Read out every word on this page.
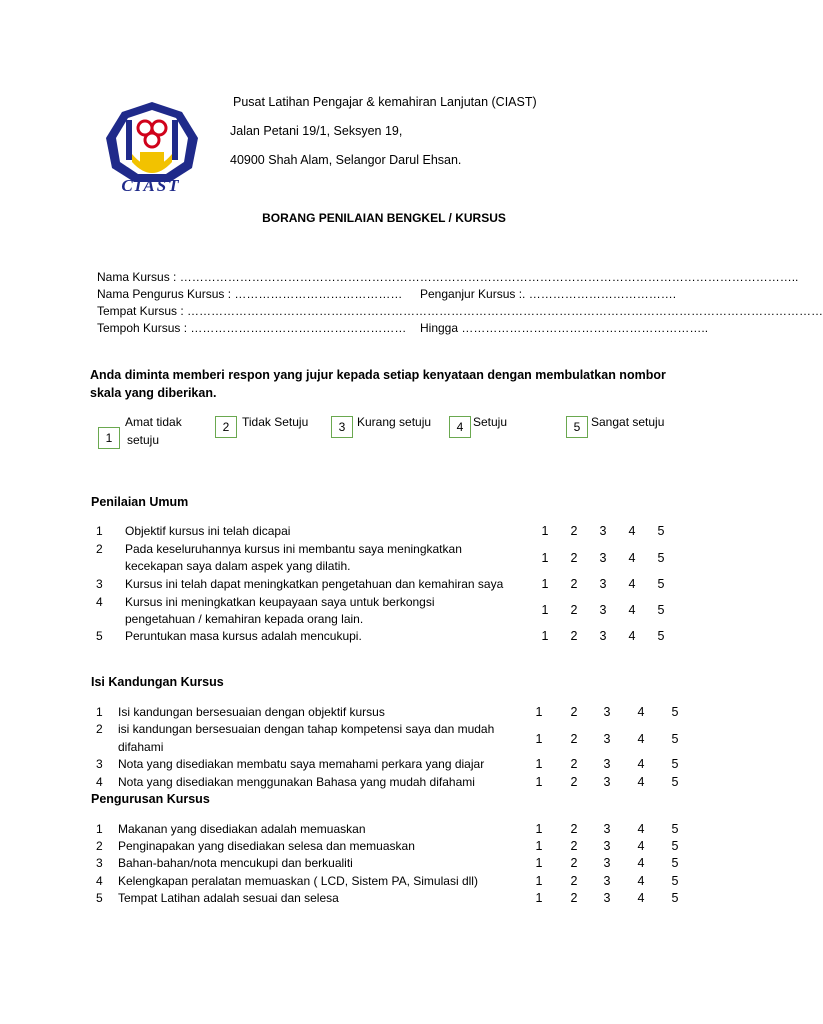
CIAST
Pusat Latihan Pengajar & kemahiran Lanjutan (CIAST)
Jalan Petani 19/1, Seksyen 19,
40900 Shah Alam, Selangor Darul Ehsan.
BORANG PENILAIAN BENGKEL / KURSUS
Nama Kursus : ………………………………………………………………………………………………………………………………………..
Nama Pengurus Kursus : …………………………………… Penganjur Kursus :. ……………………………….
Tempat Kursus : ……………………………………………………………………………………………………………………………………………
Tempoh Kursus : ……………………………………………… Hingga ……………………………………………………..
Anda diminta memberi respon yang jujur kepada setiap kenyataan dengan membulatkan nombor
skala yang diberikan.
1
Amat tidak
setuju
2	Tidak Setuju	3 Kurang setuju	4 Setuju	5 Sangat setuju
Penilaian Umum
1 Objektif kursus ini telah dicapai	1 2 3 4 5
2 Pada keseluruhannya kursus ini membantu saya meningkatkan
kecekapan saya dalam aspek yang dilatih.
1 2 3 4 5
3 Kursus ini telah dapat meningkatkan pengetahuan dan kemahiran saya	1 2 3 4 5
4 Kursus ini meningkatkan keupayaan saya untuk berkongsi
pengetahuan / kemahiran kepada orang lain.
1 2 3 4 5
5 Peruntukan masa kursus adalah mencukupi.	1 2 3 4 5
Isi Kandungan Kursus
1 Isi kandungan bersesuaian dengan objektif kursus	1 2 3 4 5
2 isi kandungan bersesuaian dengan tahap kompetensi saya dan mudah
difahami
1 2 3 4 5
3 Nota yang disediakan membatu saya memahami perkara yang diajar	1 2 3 4 5
4 Nota yang disediakan menggunakan Bahasa yang mudah difahami	1 2 3 4 5
Pengurusan Kursus
1 Makanan yang disediakan adalah memuaskan	1 2 3 4 5
2 Penginapakan yang disediakan selesa dan memuaskan	1 2 3 4 5
3 Bahan-bahan/nota mencukupi dan berkualiti	1 2 3 4 5
4 Kelengkapan peralatan memuaskan ( LCD, Sistem PA, Simulasi dll)	1 2 3 4 5
5 Tempat Latihan adalah sesuai dan selesa	1 2 3 4 5
